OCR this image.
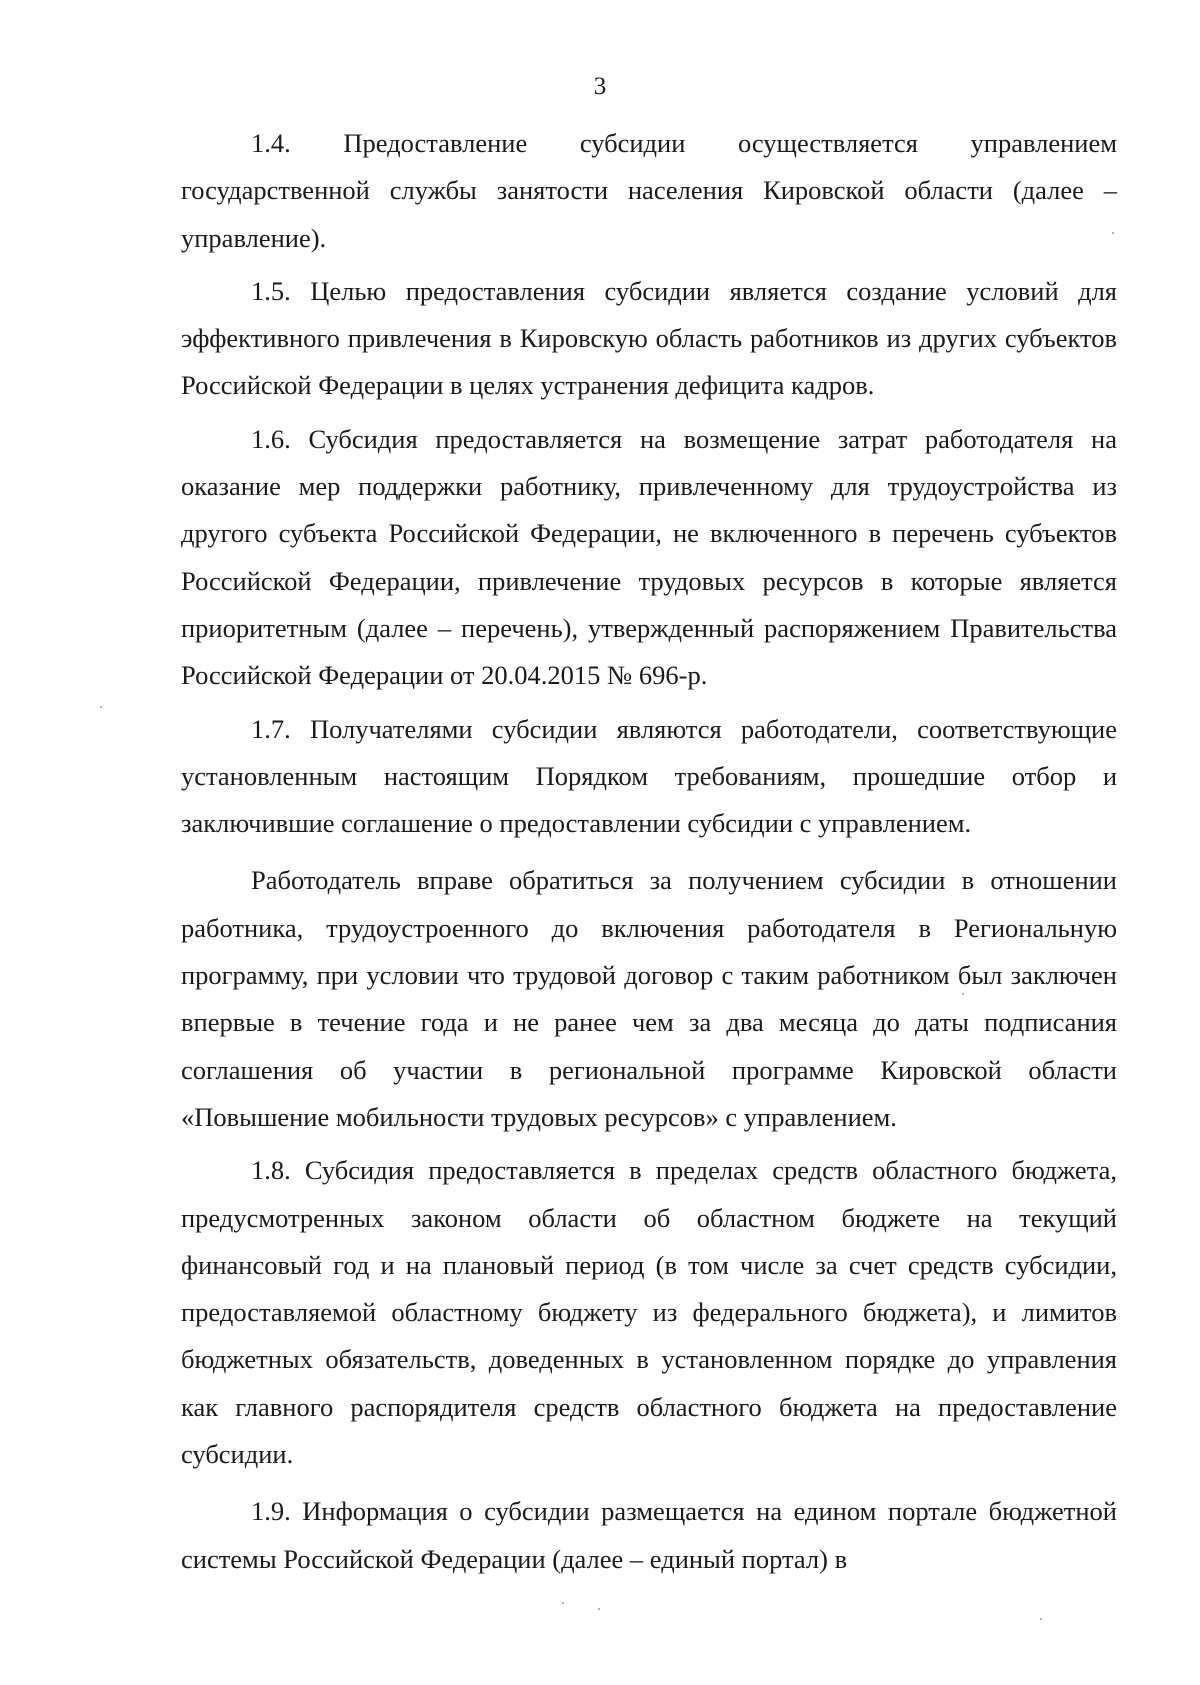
3

1.4. Предоставление субсидии осуществляется управлением государственной службы занятости населения Кировской области (далее – управление).

1.5. Целью предоставления субсидии является создание условий для эффективного привлечения в Кировскую область работников из других субъектов Российской Федерации в целях устранения дефицита кадров.

1.6. Субсидия предоставляется на возмещение затрат работодателя на оказание мер поддержки работнику, привлеченному для трудоустройства из другого субъекта Российской Федерации, не включенного в перечень субъектов Российской Федерации, привлечение трудовых ресурсов в которые является приоритетным (далее – перечень), утвержденный распоряжением Правительства Российской Федерации от 20.04.2015 № 696-р.

1.7. Получателями субсидии являются работодатели, соответствующие установленным настоящим Порядком требованиям, прошедшие отбор и заключившие соглашение о предоставлении субсидии с управлением.

Работодатель вправе обратиться за получением субсидии в отношении работника, трудоустроенного до включения работодателя в Региональную программу, при условии что трудовой договор с таким работником был заключен впервые в течение года и не ранее чем за два месяца до даты подписания соглашения об участии в региональной программе Кировской области «Повышение мобильности трудовых ресурсов» с управлением.

1.8. Субсидия предоставляется в пределах средств областного бюджета, предусмотренных законом области об областном бюджете на текущий финансовый год и на плановый период (в том числе за счет средств субсидии, предоставляемой областному бюджету из федерального бюджета), и лимитов бюджетных обязательств, доведенных в установленном порядке до управления как главного распорядителя средств областного бюджета на предоставление субсидии.

1.9. Информация о субсидии размещается на едином портале бюджетной системы Российской Федерации (далее – единый портал) в
